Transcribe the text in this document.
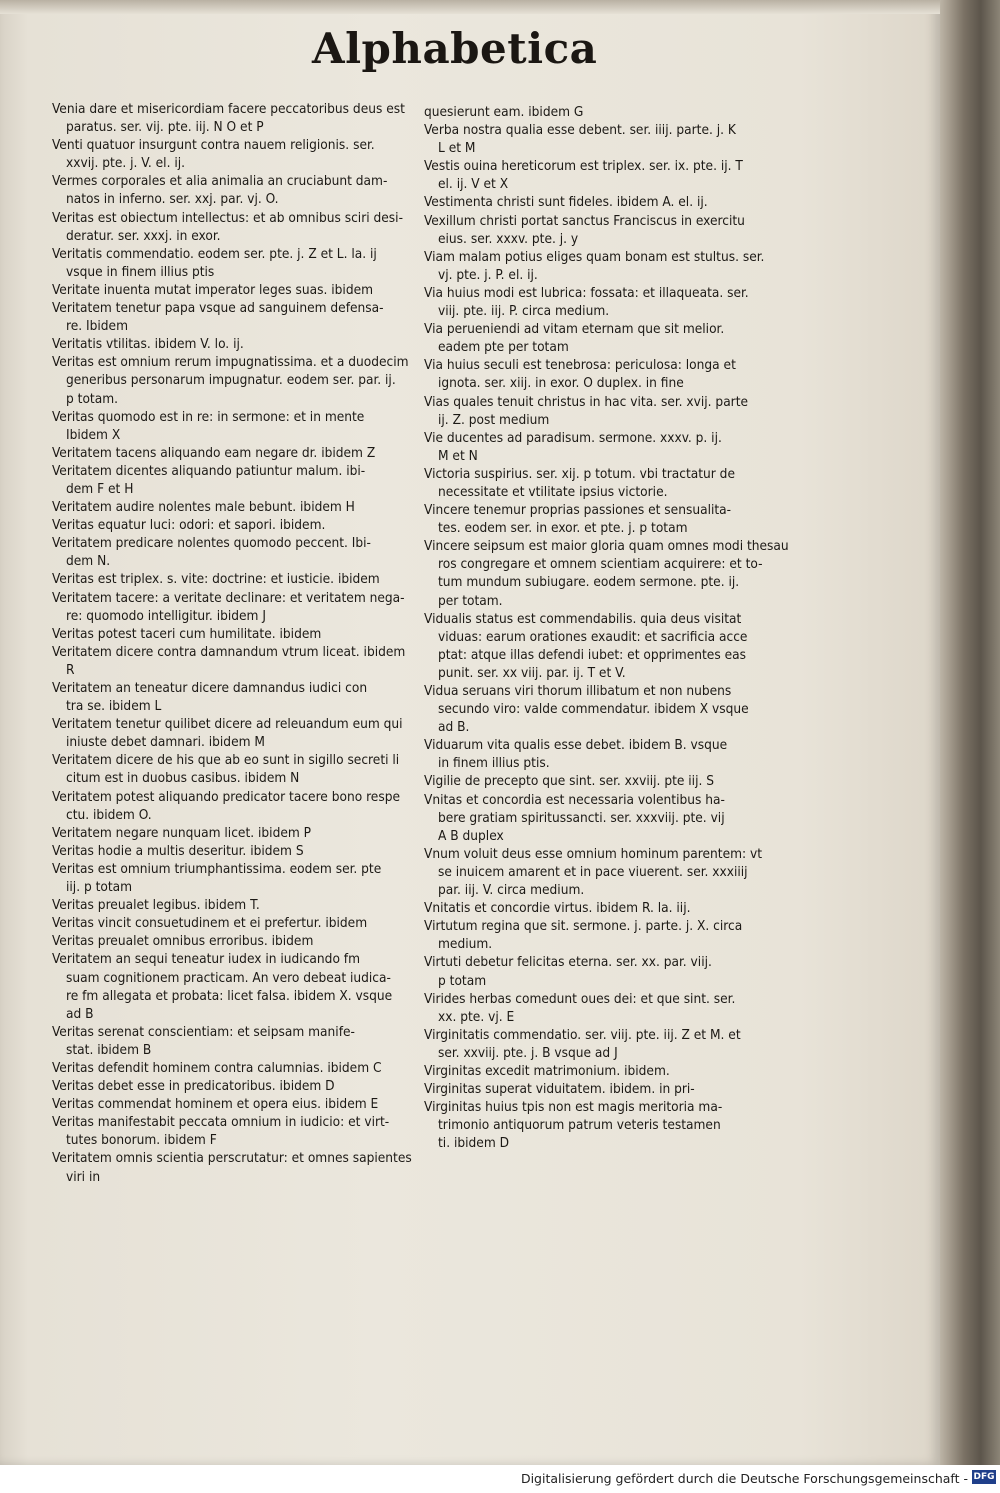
Alphabetica

Venia dare et misericordiam facere peccatoribus deus est
paratus. ser. vij. pte. iij. N O et P

Venti quatuor insurgunt contra nauem religionis. ser.
xxvij. pte. j. V. el. ij.

Vermes corporales et alia animalia an cruciabunt dam-
natos in inferno. ser. xxj. par. vj. O.

Veritas est obiectum intellectus: et ab omnibus sciri desi-
deratur. ser. xxxj. in exor.

Veritatis commendatio. eodem ser. pte. j. Z et L. la. ij
vsque in finem illius ptis

Veritate inuenta mutat imperator leges suas. ibidem

Veritatem tenetur papa vsque ad sanguinem defensa-
re. Ibidem

Veritatis vtilitas. ibidem V. lo. ij.

Veritas est omnium rerum impugnatissima. et a duodecim
generibus personarum impugnatur. eodem ser. par. ij.
p totam.

Veritas quomodo est in re: in sermone: et in mente
Ibidem X

Veritatem tacens aliquando eam negare dr. ibidem Z

Veritatem dicentes aliquando patiuntur malum. ibi-
dem F et H

Veritatem audire nolentes male bebunt. ibidem H

Veritas equatur luci: odori: et sapori. ibidem.

Veritatem predicare nolentes quomodo peccent. Ibi-
dem N.

Veritas est triplex. s. vite: doctrine: et iusticie. ibidem

Veritatem tacere: a veritate declinare: et veritatem nega-
re: quomodo intelligitur. ibidem J

Veritas potest taceri cum humilitate. ibidem

Veritatem dicere contra damnandum vtrum liceat. ibidem R

Veritatem an teneatur dicere damnandus iudici con
tra se. ibidem L

Veritatem tenetur quilibet dicere ad releuandum eum qui
iniuste debet damnari. ibidem M

Veritatem dicere de his que ab eo sunt in sigillo secreti li
citum est in duobus casibus. ibidem N

Veritatem potest aliquando predicator tacere bono respe
ctu. ibidem O.

Veritatem negare nunquam licet. ibidem P

Veritas hodie a multis deseritur. ibidem S

Veritas est omnium triumphantissima. eodem ser. pte
iij. p totam

Veritas preualet legibus. ibidem T.

Veritas vincit consuetudinem et ei prefertur. ibidem

Veritas preualet omnibus erroribus. ibidem

Veritatem an sequi teneatur iudex in iudicando fm
suam cognitionem practicam. An vero debeat iudica-
re fm allegata et probata: licet falsa. ibidem X. vsque
ad B

Veritas serenat conscientiam: et seipsam manife-
stat. ibidem B

Veritas defendit hominem contra calumnias. ibidem C

Veritas debet esse in predicatoribus. ibidem D

Veritas commendat hominem et opera eius. ibidem E

Veritas manifestabit peccata omnium in iudicio: et virt-
tutes bonorum. ibidem F

Veritatem omnis scientia perscrutatur: et omnes sapientes viri in

quesierunt eam. ibidem G

Verba nostra qualia esse debent. ser. iiij. parte. j. K
L et M

Vestis ouina hereticorum est triplex. ser. ix. pte. ij. T
el. ij. V et X

Vestimenta christi sunt fideles. ibidem A. el. ij.

Vexillum christi portat sanctus Franciscus in exercitu
eius. ser. xxxv. pte. j. y

Viam malam potius eliges quam bonam est stultus. ser.
vj. pte. j. P. el. ij.

Via huius modi est lubrica: fossata: et illaqueata. ser.
viij. pte. iij. P. circa medium.

Via perueniendi ad vitam eternam que sit melior.
eadem pte per totam

Via huius seculi est tenebrosa: periculosa: longa et
ignota. ser. xiij. in exor. O duplex. in fine

Vias quales tenuit christus in hac vita. ser. xvij. parte
ij. Z. post medium

Vie ducentes ad paradisum. sermone. xxxv. p. ij.
M et N

Victoria suspirius. ser. xij. p totum. vbi tractatur de
necessitate et vtilitate ipsius victorie.

Vincere tenemur proprias passiones et sensualita-
tes. eodem ser. in exor. et pte. j. p totam

Vincere seipsum est maior gloria quam omnes modi thesau
ros congregare et omnem scientiam acquirere: et to-
tum mundum subiugare. eodem sermone. pte. ij.
per totam.

Vidualis status est commendabilis. quia deus visitat
viduas: earum orationes exaudit: et sacrificia acce
ptat: atque illas defendi iubet: et opprimentes eas
punit. ser. xx viij. par. ij. T et V.

Vidua seruans viri thorum illibatum et non nubens
secundo viro: valde commendatur. ibidem X vsque
ad B.

Viduarum vita qualis esse debet. ibidem B. vsque
in finem illius ptis.

Vigilie de precepto que sint. ser. xxviij. pte iij. S

Vnitas et concordia est necessaria volentibus ha-
bere gratiam spiritussancti. ser. xxxviij. pte. vij
A B duplex

Vnum voluit deus esse omnium hominum parentem: vt
se inuicem amarent et in pace viuerent. ser. xxxiiij
par. iij. V. circa medium.

Vnitatis et concordie virtus. ibidem R. la. iij.

Virtutum regina que sit. sermone. j. parte. j. X. circa
medium.

Virtuti debetur felicitas eterna. ser. xx. par. viij.
p totam

Virides herbas comedunt oues dei: et que sint. ser.
xx. pte. vj. E

Virginitatis commendatio. ser. viij. pte. iij. Z et M. et
ser. xxviij. pte. j. B vsque ad J

Virginitas excedit matrimonium. ibidem.

Virginitas superat viduitatem. ibidem. in pri-

Virginitas huius tpis non est magis meritoria ma-
trimonio antiquorum patrum veteris testamen
ti. ibidem D

Digitalisierung gefördert durch die Deutsche Forschungsgemeinschaft - DFG
